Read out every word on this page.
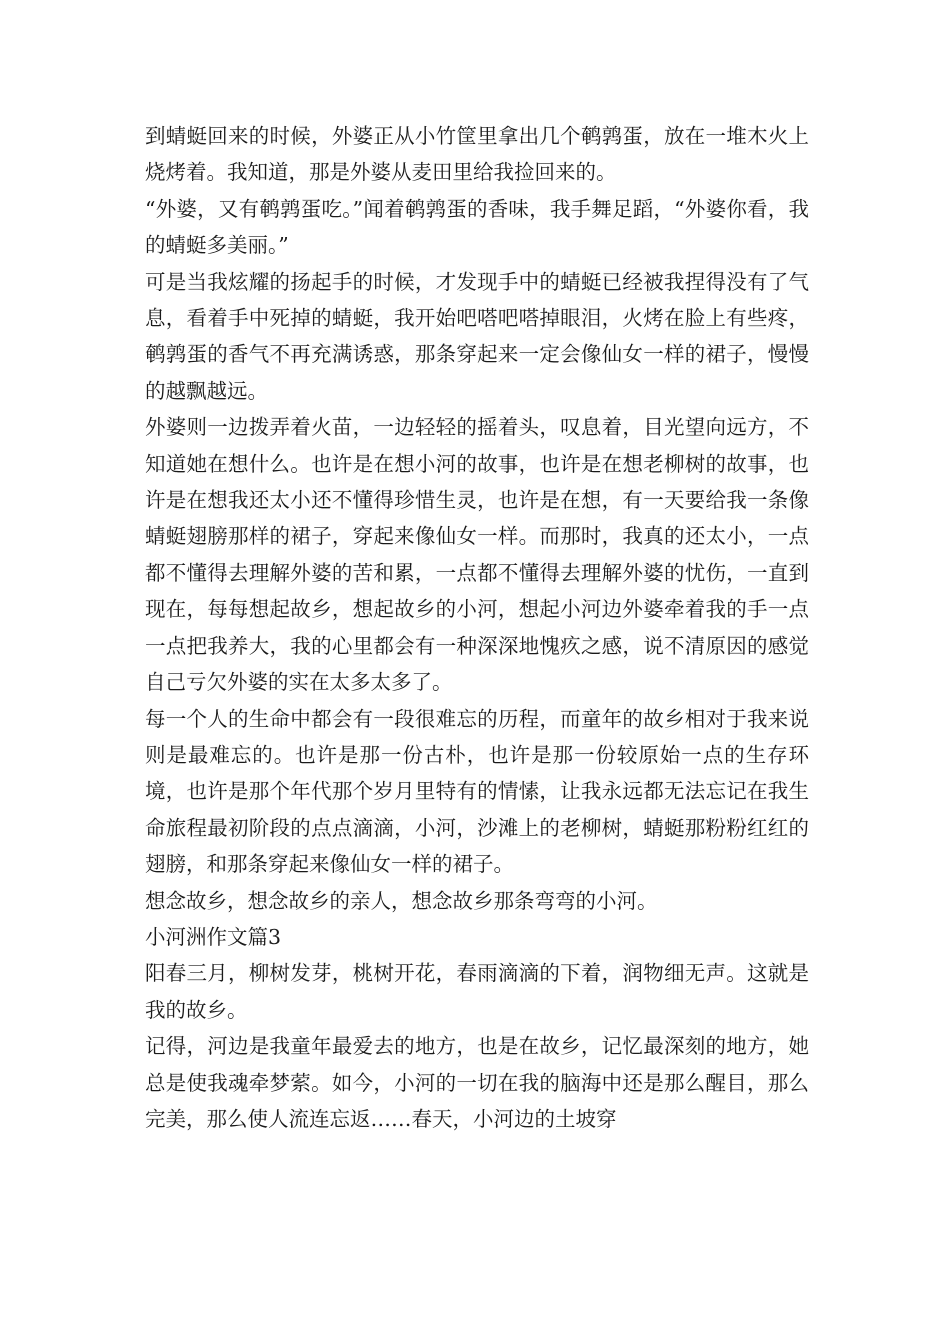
到蜻蜓回来的时候，外婆正从小竹筐里拿出几个鹌鹑蛋，放在一堆木火上烧烤着。我知道，那是外婆从麦田里给我捡回来的。

“外婆，又有鹌鹑蛋吃。”闻着鹌鹑蛋的香味，我手舞足蹈，“外婆你看，我的蜻蜓多美丽。”

可是当我炫耀的扬起手的时候，才发现手中的蜻蜓已经被我捏得没有了气息，看着手中死掉的蜻蜓，我开始吧嗒吧嗒掉眼泪，火烤在脸上有些疼，鹌鹑蛋的香气不再充满诱惑，那条穿起来一定会像仙女一样的裙子，慢慢的越飘越远。

外婆则一边拨弄着火苗，一边轻轻的摇着头，叹息着，目光望向远方，不知道她在想什么。也许是在想小河的故事，也许是在想老柳树的故事，也许是在想我还太小还不懂得珍惜生灵，也许是在想，有一天要给我一条像蜻蜓翅膀那样的裙子，穿起来像仙女一样。而那时，我真的还太小，一点都不懂得去理解外婆的苦和累，一点都不懂得去理解外婆的忧伤，一直到现在，每每想起故乡，想起故乡的小河，想起小河边外婆牵着我的手一点一点把我养大，我的心里都会有一种深深地愧疚之感，说不清原因的感觉自己亏欠外婆的实在太多太多了。

每一个人的生命中都会有一段很难忘的历程，而童年的故乡相对于我来说则是最难忘的。也许是那一份古朴，也许是那一份较原始一点的生存环境，也许是那个年代那个岁月里特有的情愫，让我永远都无法忘记在我生命旅程最初阶段的点点滴滴，小河，沙滩上的老柳树，蜻蜓那粉粉红红的翅膀，和那条穿起来像仙女一样的裙子。

想念故乡，想念故乡的亲人，想念故乡那条弯弯的小河。

小河洲作文篇3

阳春三月，柳树发芽，桃树开花，春雨滴滴的下着，润物细无声。这就是我的故乡。

记得，河边是我童年最爱去的地方，也是在故乡，记忆最深刻的地方，她总是使我魂牵梦萦。如今，小河的一切在我的脑海中还是那么醒目，那么完美，那么使人流连忘返……春天，小河边的土坡穿
